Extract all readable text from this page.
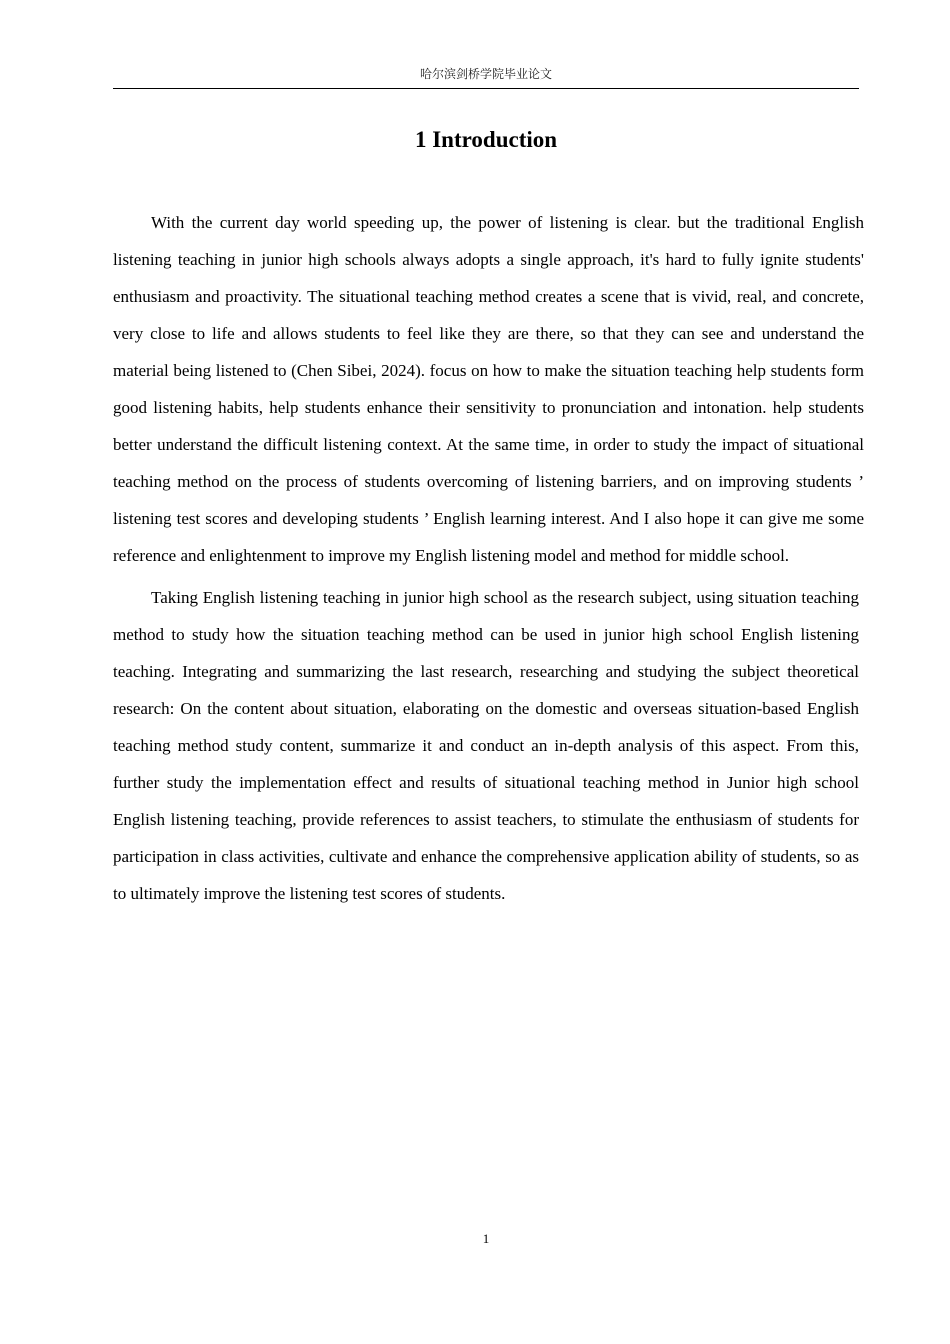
哈尔滨剑桥学院毕业论文
1 Introduction

With the current day world speeding up, the power of listening is clear. but the traditional English listening teaching in junior high schools always adopts a single approach, it's hard to fully ignite students' enthusiasm and proactivity. The situational teaching method creates a scene that is vivid, real, and concrete, very close to life and allows students to feel like they are there, so that they can see and understand the material being listened to (Chen Sibei, 2024). focus on how to make the situation teaching help students form good listening habits, help students enhance their sensitivity to pronunciation and intonation. help students better understand the difficult listening context. At the same time, in order to study the impact of situational teaching method on the process of students overcoming of listening barriers, and on improving students ’ listening test scores and developing students ’ English learning interest. And I also hope it can give me some reference and enlightenment to improve my English listening model and method for middle school.

Taking English listening teaching in junior high school as the research subject, using situation teaching method to study how the situation teaching method can be used in junior high school English listening teaching. Integrating and summarizing the last research, researching and studying the subject theoretical research: On the content about situation, elaborating on the domestic and overseas situation-based English teaching method study content, summarize it and conduct an in-depth analysis of this aspect. From this, further study the implementation effect and results of situational teaching method in Junior high school English listening teaching, provide references to assist teachers, to stimulate the enthusiasm of students for participation in class activities, cultivate and enhance the comprehensive application ability of students, so as to ultimately improve the listening test scores of students.

1
